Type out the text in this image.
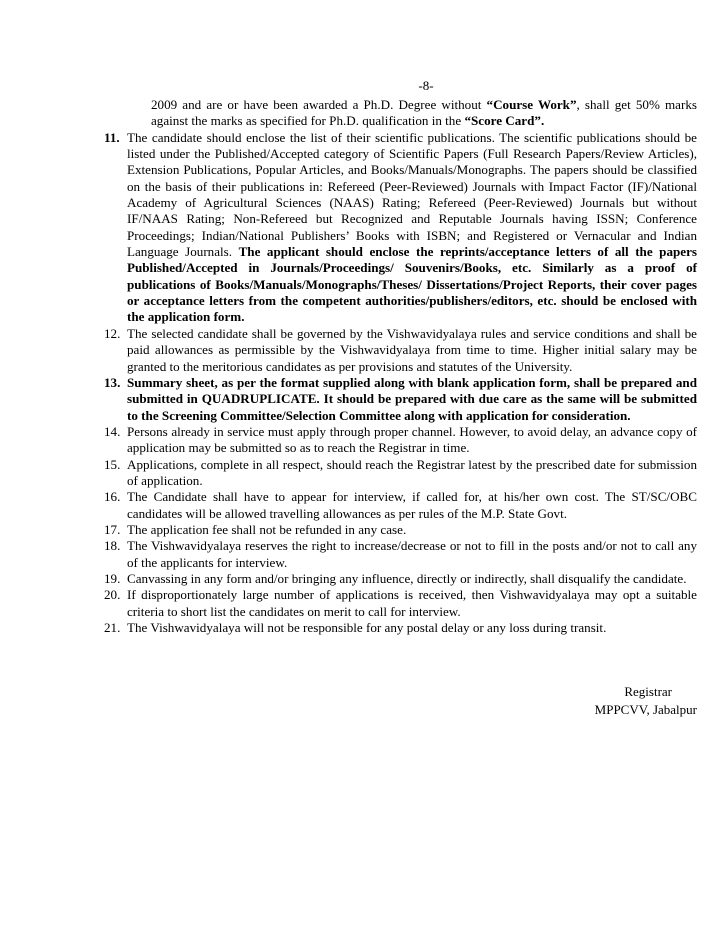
-8-
2009 and are or have been awarded a Ph.D. Degree without “Course Work”, shall get 50% marks against the marks as specified for Ph.D. qualification in the “Score Card”.
11. The candidate should enclose the list of their scientific publications. The scientific publications should be listed under the Published/Accepted category of Scientific Papers (Full Research Papers/Review Articles), Extension Publications, Popular Articles, and Books/Manuals/Monographs. The papers should be classified on the basis of their publications in: Refereed (Peer-Reviewed) Journals with Impact Factor (IF)/National Academy of Agricultural Sciences (NAAS) Rating; Refereed (Peer-Reviewed) Journals but without IF/NAAS Rating; Non-Refereed but Recognized and Reputable Journals having ISSN; Conference Proceedings; Indian/National Publishers’ Books with ISBN; and Registered or Vernacular and Indian Language Journals. The applicant should enclose the reprints/acceptance letters of all the papers Published/Accepted in Journals/Proceedings/ Souvenirs/Books, etc. Similarly as a proof of publications of Books/Manuals/Monographs/Theses/ Dissertations/Project Reports, their cover pages or acceptance letters from the competent authorities/publishers/editors, etc. should be enclosed with the application form.
12. The selected candidate shall be governed by the Vishwavidyalaya rules and service conditions and shall be paid allowances as permissible by the Vishwavidyalaya from time to time. Higher initial salary may be granted to the meritorious candidates as per provisions and statutes of the University.
13. Summary sheet, as per the format supplied along with blank application form, shall be prepared and submitted in QUADRUPLICATE. It should be prepared with due care as the same will be submitted to the Screening Committee/Selection Committee along with application for consideration.
14. Persons already in service must apply through proper channel. However, to avoid delay, an advance copy of application may be submitted so as to reach the Registrar in time.
15. Applications, complete in all respect, should reach the Registrar latest by the prescribed date for submission of application.
16. The Candidate shall have to appear for interview, if called for, at his/her own cost. The ST/SC/OBC candidates will be allowed travelling allowances as per rules of the M.P. State Govt.
17. The application fee shall not be refunded in any case.
18. The Vishwavidyalaya reserves the right to increase/decrease or not to fill in the posts and/or not to call any of the applicants for interview.
19. Canvassing in any form and/or bringing any influence, directly or indirectly, shall disqualify the candidate.
20. If disproportionately large number of applications is received, then Vishwavidyalaya may opt a suitable criteria to short list the candidates on merit to call for interview.
21. The Vishwavidyalaya will not be responsible for any postal delay or any loss during transit.
Registrar
MPPCVV, Jabalpur
